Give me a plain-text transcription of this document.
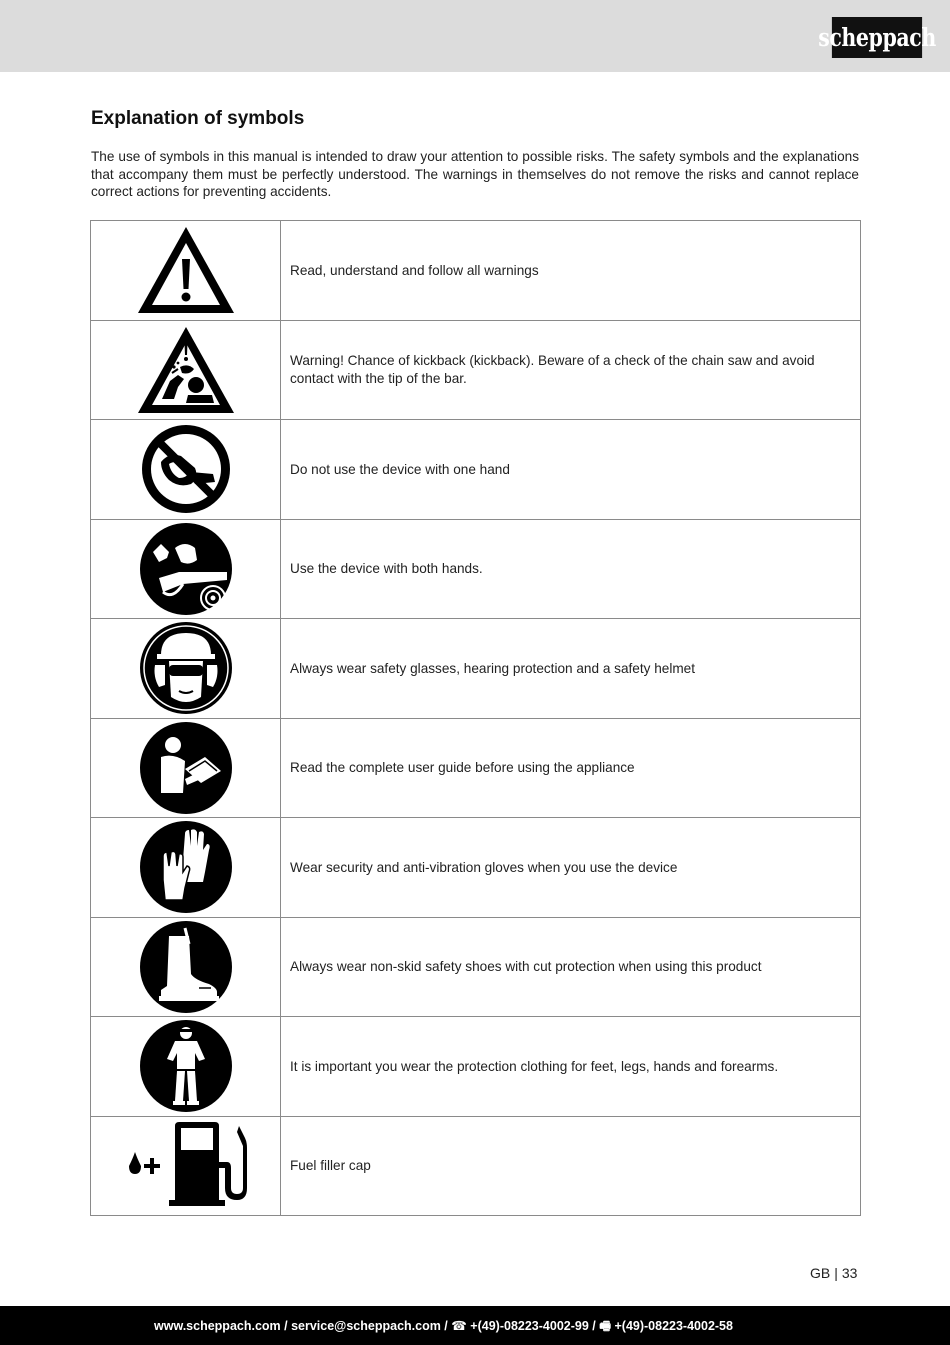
scheppach
Explanation of symbols

The use of symbols in this manual is intended to draw your attention to possible risks. The safety symbols and the explanations that accompany them must be perfectly understood. The warnings in themselves do not remove the risks and cannot replace correct actions for preventing accidents.

	Read, understand and follow all warnings

	Warning! Chance of kickback (kickback). Beware of a check of the chain saw and avoid contact with the tip of the bar.

	Do not use the device with one hand

	Use the device with both hands.

	Always wear safety glasses, hearing protection and a safety helmet

	Read the complete user guide before using the appliance

	Wear security and anti-vibration gloves when you use the device

	Always wear non-skid safety shoes with cut protection when using this product

	It is important you wear the protection clothing for feet, legs, hands and forearms.

	Fuel filler cap
GB | 33
www.scheppach.com / service@scheppach.com / ☎ +(49)-08223-4002-99 / 🖷 +(49)-08223-4002-58
